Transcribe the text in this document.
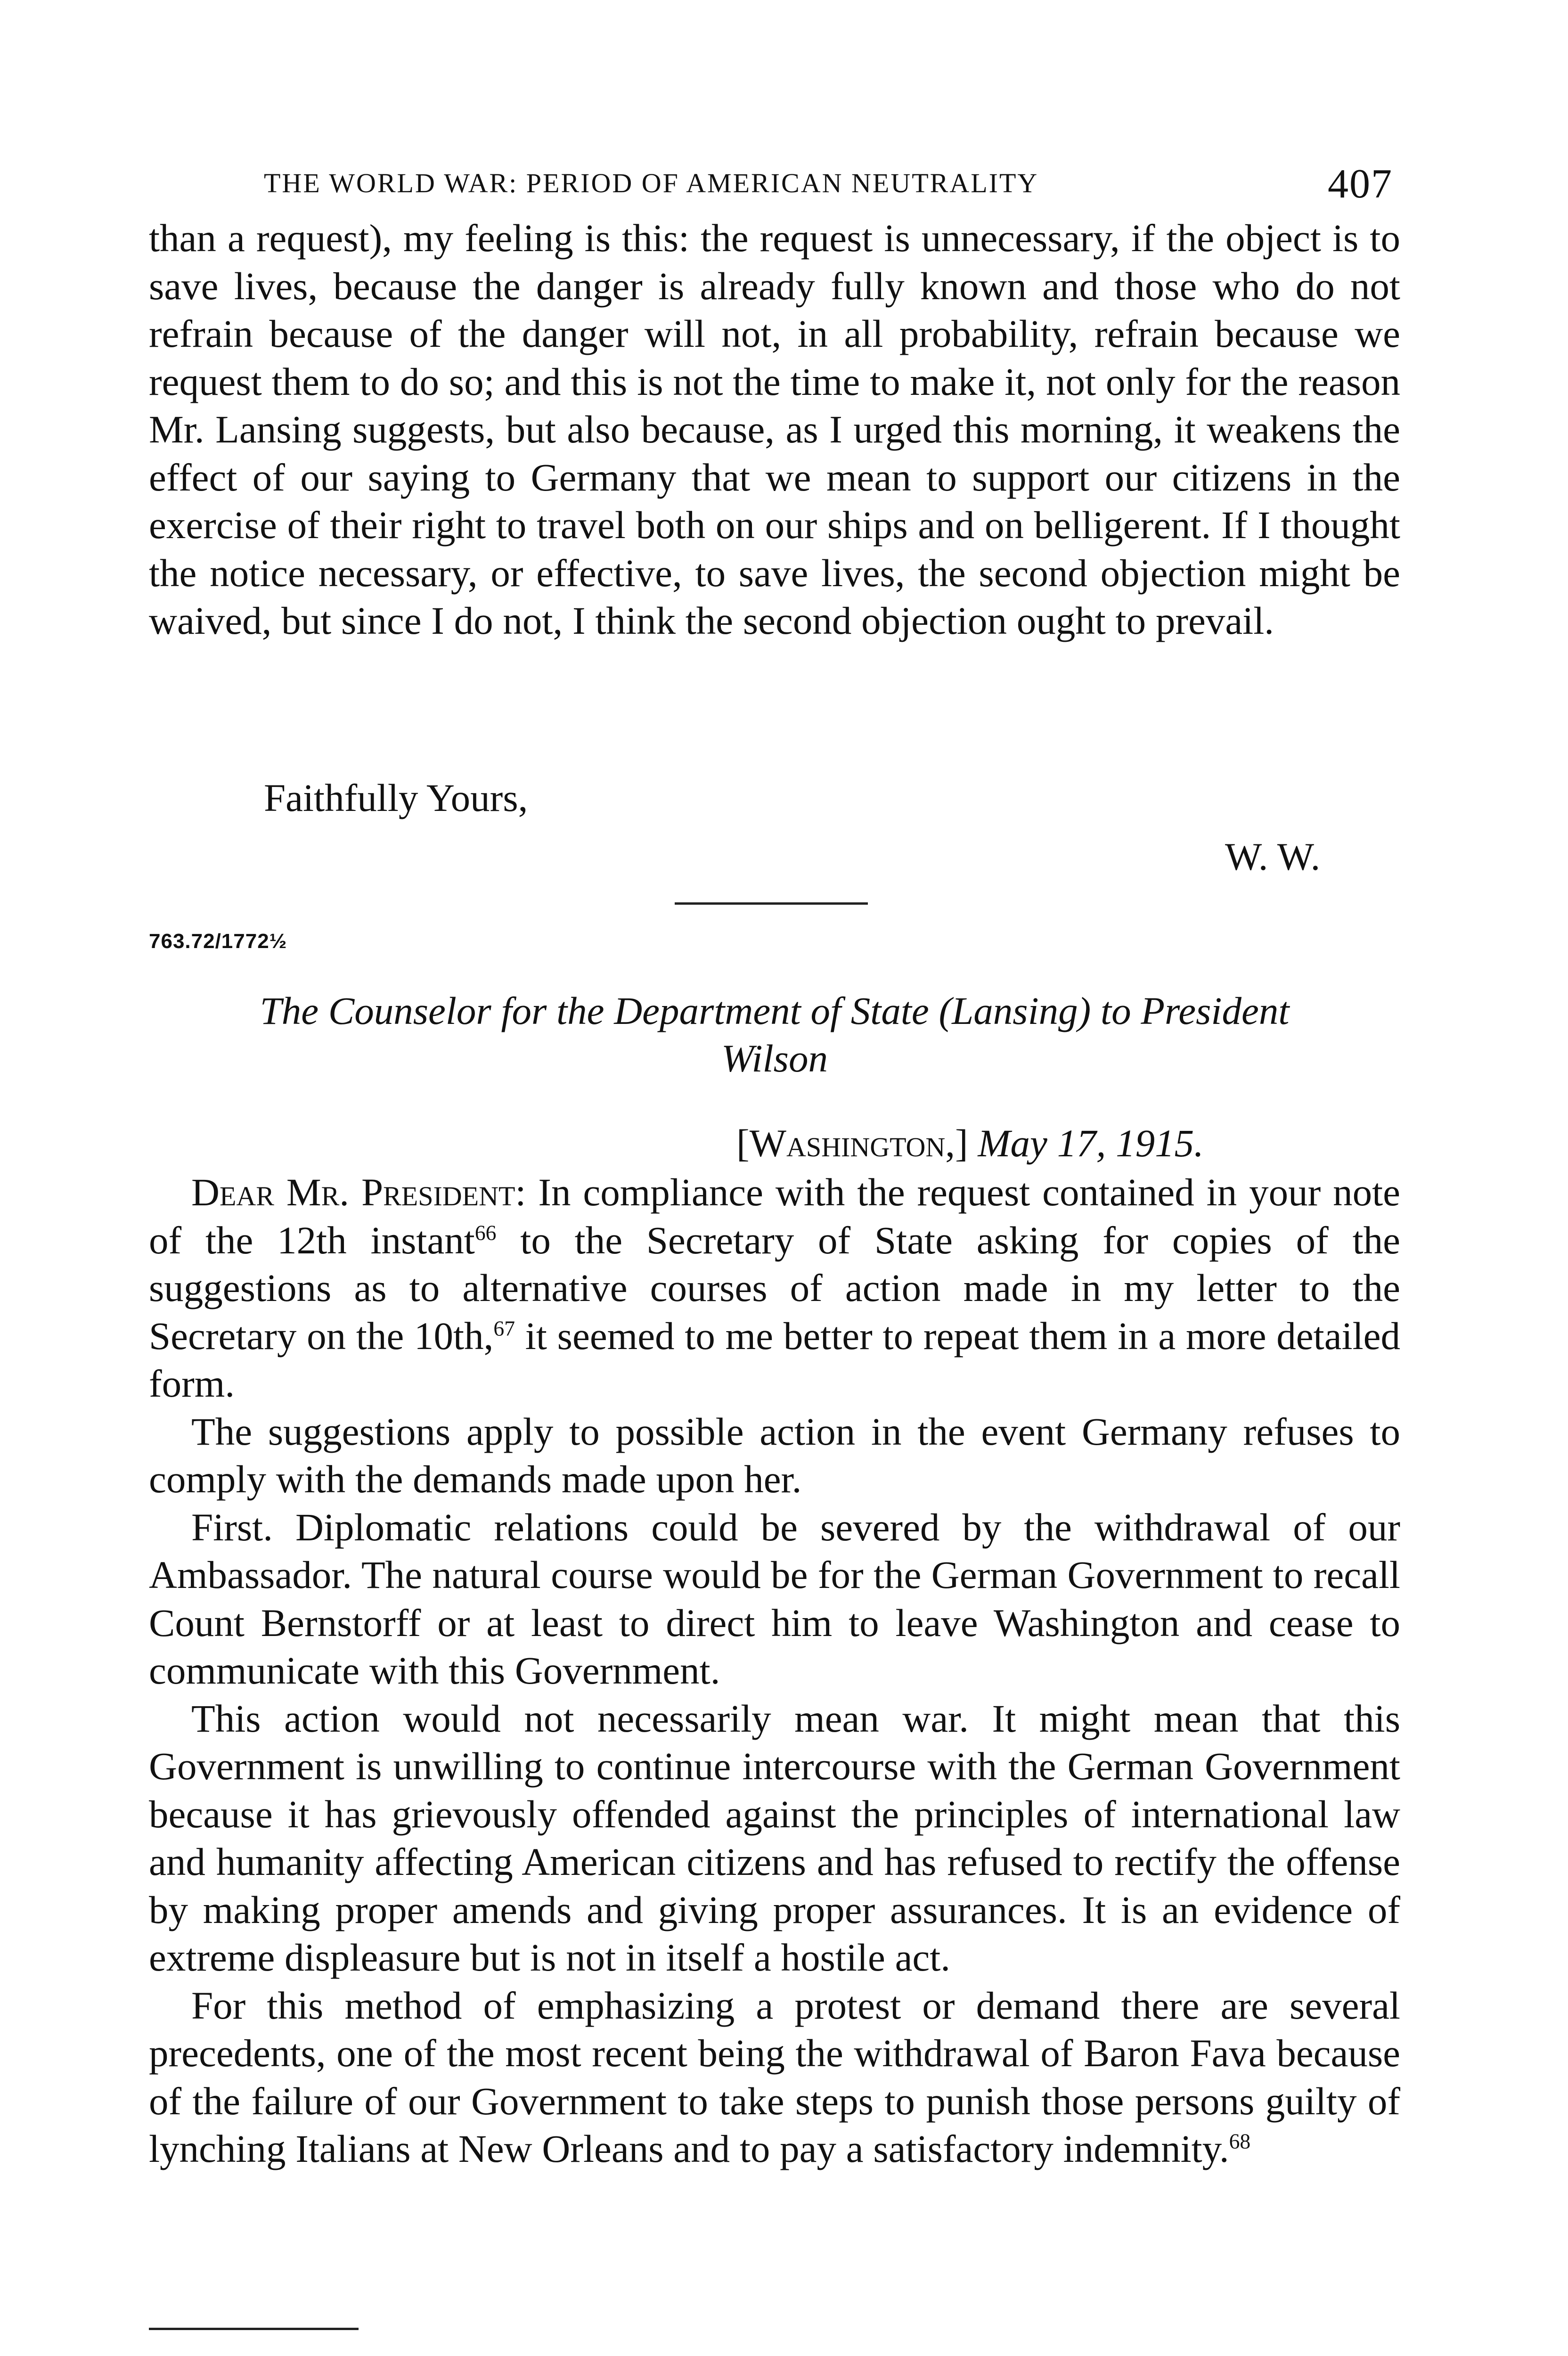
THE WORLD WAR: PERIOD OF AMERICAN NEUTRALITY	407

than a request), my feeling is this: the request is unnecessary, if the object is to save lives, because the danger is already fully known and those who do not refrain because of the danger will not, in all probability, refrain because we request them to do so; and this is not the time to make it, not only for the reason Mr. Lansing suggests, but also because, as I urged this morning, it weakens the effect of our saying to Germany that we mean to support our citizens in the exercise of their right to travel both on our ships and on belligerent. If I thought the notice necessary, or effective, to save lives, the second objection might be waived, but since I do not, I think the second objection ought to prevail.

Faithfully Yours,
W. W.
763.72/1772½
The Counselor for the Department of State (Lansing) to President
Wilson
[Washington,] May 17, 1915.

Dear Mr. President: In compliance with the request contained in your note of the 12th instant$^{66}$ to the Secretary of State asking for copies of the suggestions as to alternative courses of action made in my letter to the Secretary on the 10th,$^{67}$ it seemed to me better to repeat them in a more detailed form.

The suggestions apply to possible action in the event Germany refuses to comply with the demands made upon her.

First. Diplomatic relations could be severed by the withdrawal of our Ambassador. The natural course would be for the German Government to recall Count Bernstorff or at least to direct him to leave Washington and cease to communicate with this Government.

This action would not necessarily mean war. It might mean that this Government is unwilling to continue intercourse with the German Government because it has grievously offended against the principles of international law and humanity affecting American citizens and has refused to rectify the offense by making proper amends and giving proper assurances. It is an evidence of extreme displeasure but is not in itself a hostile act.

For this method of emphasizing a protest or demand there are several precedents, one of the most recent being the withdrawal of Baron Fava because of the failure of our Government to take steps to punish those persons guilty of lynching Italians at New Orleans and to pay a satisfactory indemnity.$^{68}$
